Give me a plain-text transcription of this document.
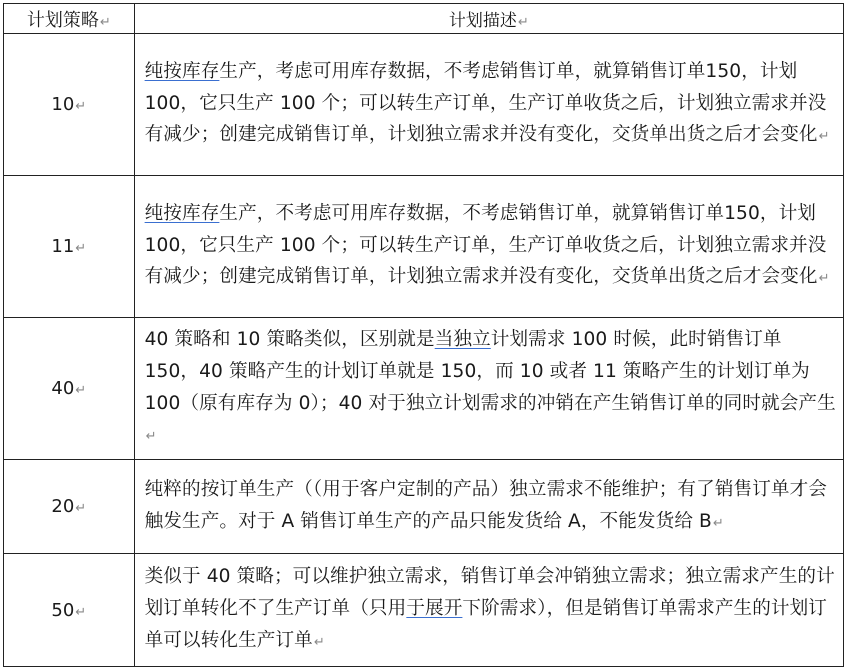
计划策略↵	计划描述↵
10↵	纯按库存生产，考虑可用库存数据，不考虑销售订单，就算销售订单150，计划 100，它只生产 100 个；可以转生产订单，生产订单收货之后，计划独立需求并没有减少；创建完成销售订单，计划独立需求并没有变化，交货单出货之后才会变化↵
11↵	纯按库存生产，不考虑可用库存数据，不考虑销售订单，就算销售订单150，计划 100，它只生产 100 个；可以转生产订单，生产订单收货之后，计划独立需求并没有减少；创建完成销售订单，计划独立需求并没有变化，交货单出货之后才会变化↵
40↵	40 策略和 10 策略类似，区别就是当独立计划需求 100 时候，此时销售订单 150，40 策略产生的计划订单就是 150，而 10 或者 11 策略产生的计划订单为 100（原有库存为 0）；40 对于独立计划需求的冲销在产生销售订单的同时就会产生↵
20↵	纯粹的按订单生产（（用于客户定制的产品）独立需求不能维护；有了销售订单才会触发生产。对于 A 销售订单生产的产品只能发货给 A，不能发货给 B↵
50↵	类似于 40 策略；可以维护独立需求，销售订单会冲销独立需求；独立需求产生的计划订单转化不了生产订单（只用于展开下阶需求），但是销售订单需求产生的计划订单可以转化生产订单↵
